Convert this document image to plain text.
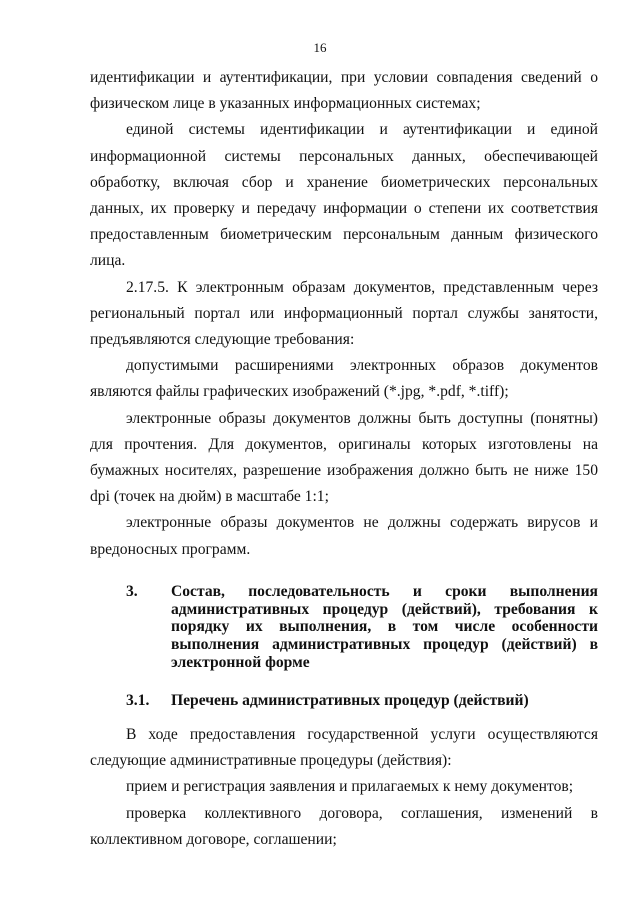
16

идентификации и аутентификации, при условии совпадения сведений о физическом лице в указанных информационных системах;

единой системы идентификации и аутентификации и единой информационной системы персональных данных, обеспечивающей обработку, включая сбор и хранение биометрических персональных данных, их проверку и передачу информации о степени их соответствия предоставленным биометрическим персональным данным физического лица.

2.17.5. К электронным образам документов, представленным через региональный портал или информационный портал службы занятости, предъявляются следующие требования:

допустимыми расширениями электронных образов документов являются файлы графических изображений (*.jpg, *.pdf, *.tiff);

электронные образы документов должны быть доступны (понятны) для прочтения. Для документов, оригиналы которых изготовлены на бумажных носителях, разрешение изображения должно быть не ниже 150 dpi (точек на дюйм) в масштабе 1:1;

электронные образы документов не должны содержать вирусов и вредоносных программ.

3.	Состав, последовательность и сроки выполнения административных процедур (действий), требования к порядку их выполнения, в том числе особенности выполнения административных процедур (действий) в электронной форме
3.1.	Перечень административных процедур (действий)

В ходе предоставления государственной услуги осуществляются следующие административные процедуры (действия):

прием и регистрация заявления и прилагаемых к нему документов;

проверка коллективного договора, соглашения, изменений в коллективном договоре, соглашении;
